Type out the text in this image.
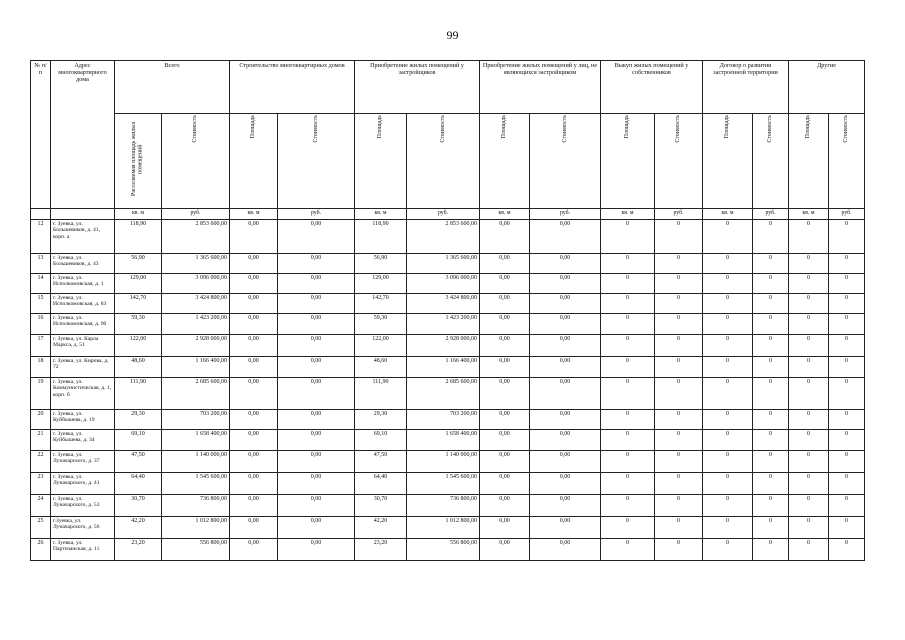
99
№ п/п	Адрес многоквартирного дома	Всего		Строительство многоквартирных домов		Приобретение жилых помещений у застройщиков		Приобретение жилых помещений у лиц, не являющихся застройщиком		Выкуп жилых помещений у собственников		Договор о развитии застроенной территории		Другие	
		Расселяемая площадь жилых помещений	Стоимость	Площадь	Стоимость	Площадь	Стоимость	Площадь	Стоимость	Площадь	Стоимость	Площадь	Стоимость	Площадь	Стоимость
		кв. м	руб.	кв. м	руб.	кв. м	руб.	кв. м	руб.	кв. м	руб.	кв. м	руб.	кв. м	руб.
12	г. Зуевка, ул. Большевиков, д. 41, корп. а	118,90	2 853 600,00	0,00	0,00	118,90	2 853 600,00	0,00	0,00	0	0	0	0	0	0
13	г. Зуевка, ул. Большевиков, д. 43	56,90	1 365 600,00	0,00	0,00	56,90	1 365 600,00	0,00	0,00	0	0	0	0	0	0
14	г. Зуевка, ул. Исполкомовская, д. 1	129,00	3 096 000,00	0,00	0,00	129,00	3 096 000,00	0,00	0,00	0	0	0	0	0	0
15	г. Зуевка, ул. Исполкомовская, д. 83	142,70	3 424 800,00	0,00	0,00	142,70	3 424 800,00	0,00	0,00	0	0	0	0	0	0
16	г. Зуевка, ул. Исполкомовская, д. 90	59,30	1 423 200,00	0,00	0,00	59,30	1 423 200,00	0,00	0,00	0	0	0	0	0	0
17	г. Зуевка, ул. Карла Маркса, д. 51	122,00	2 928 000,00	0,00	0,00	122,00	2 928 000,00	0,00	0,00	0	0	0	0	0	0
18	г. Зуевка, ул. Кирова, д. 72	48,60	1 166 400,00	0,00	0,00	48,60	1 166 400,00	0,00	0,00	0	0	0	0	0	0
19	г. Зуевка, ул. Коммунистическая, д. 1, корп. б	111,90	2 685 600,00	0,00	0,00	111,90	2 685 600,00	0,00	0,00	0	0	0	0	0	0
20	г. Зуевка, ул. Куйбышева, д. 19	29,30	703 200,00	0,00	0,00	29,30	703 200,00	0,00	0,00	0	0	0	0	0	0
21	г. Зуевка, ул. Куйбышева, д. 34	69,10	1 658 400,00	0,00	0,00	69,10	1 658 400,00	0,00	0,00	0	0	0	0	0	0
22	г. Зуевка, ул. Луначарского, д. 37	47,50	1 140 000,00	0,00	0,00	47,50	1 140 000,00	0,00	0,00	0	0	0	0	0	0
23	г. Зуевка, ул. Луначарского, д. 41	64,40	1 545 600,00	0,00	0,00	64,40	1 545 600,00	0,00	0,00	0	0	0	0	0	0
24	г. Зуевка, ул. Луначарского, д. 53	30,70	736 800,00	0,00	0,00	30,70	736 800,00	0,00	0,00	0	0	0	0	0	0
25	г.Зуевка, ул. Луначарского, д. 56	42,20	1 012 800,00	0,00	0,00	42,20	1 012 800,00	0,00	0,00	0	0	0	0	0	0
26	г. Зуевка, ул. Партизанская, д. 11	23,20	556 800,00	0,00	0,00	23,20	556 800,00	0,00	0,00	0	0	0	0	0	0
